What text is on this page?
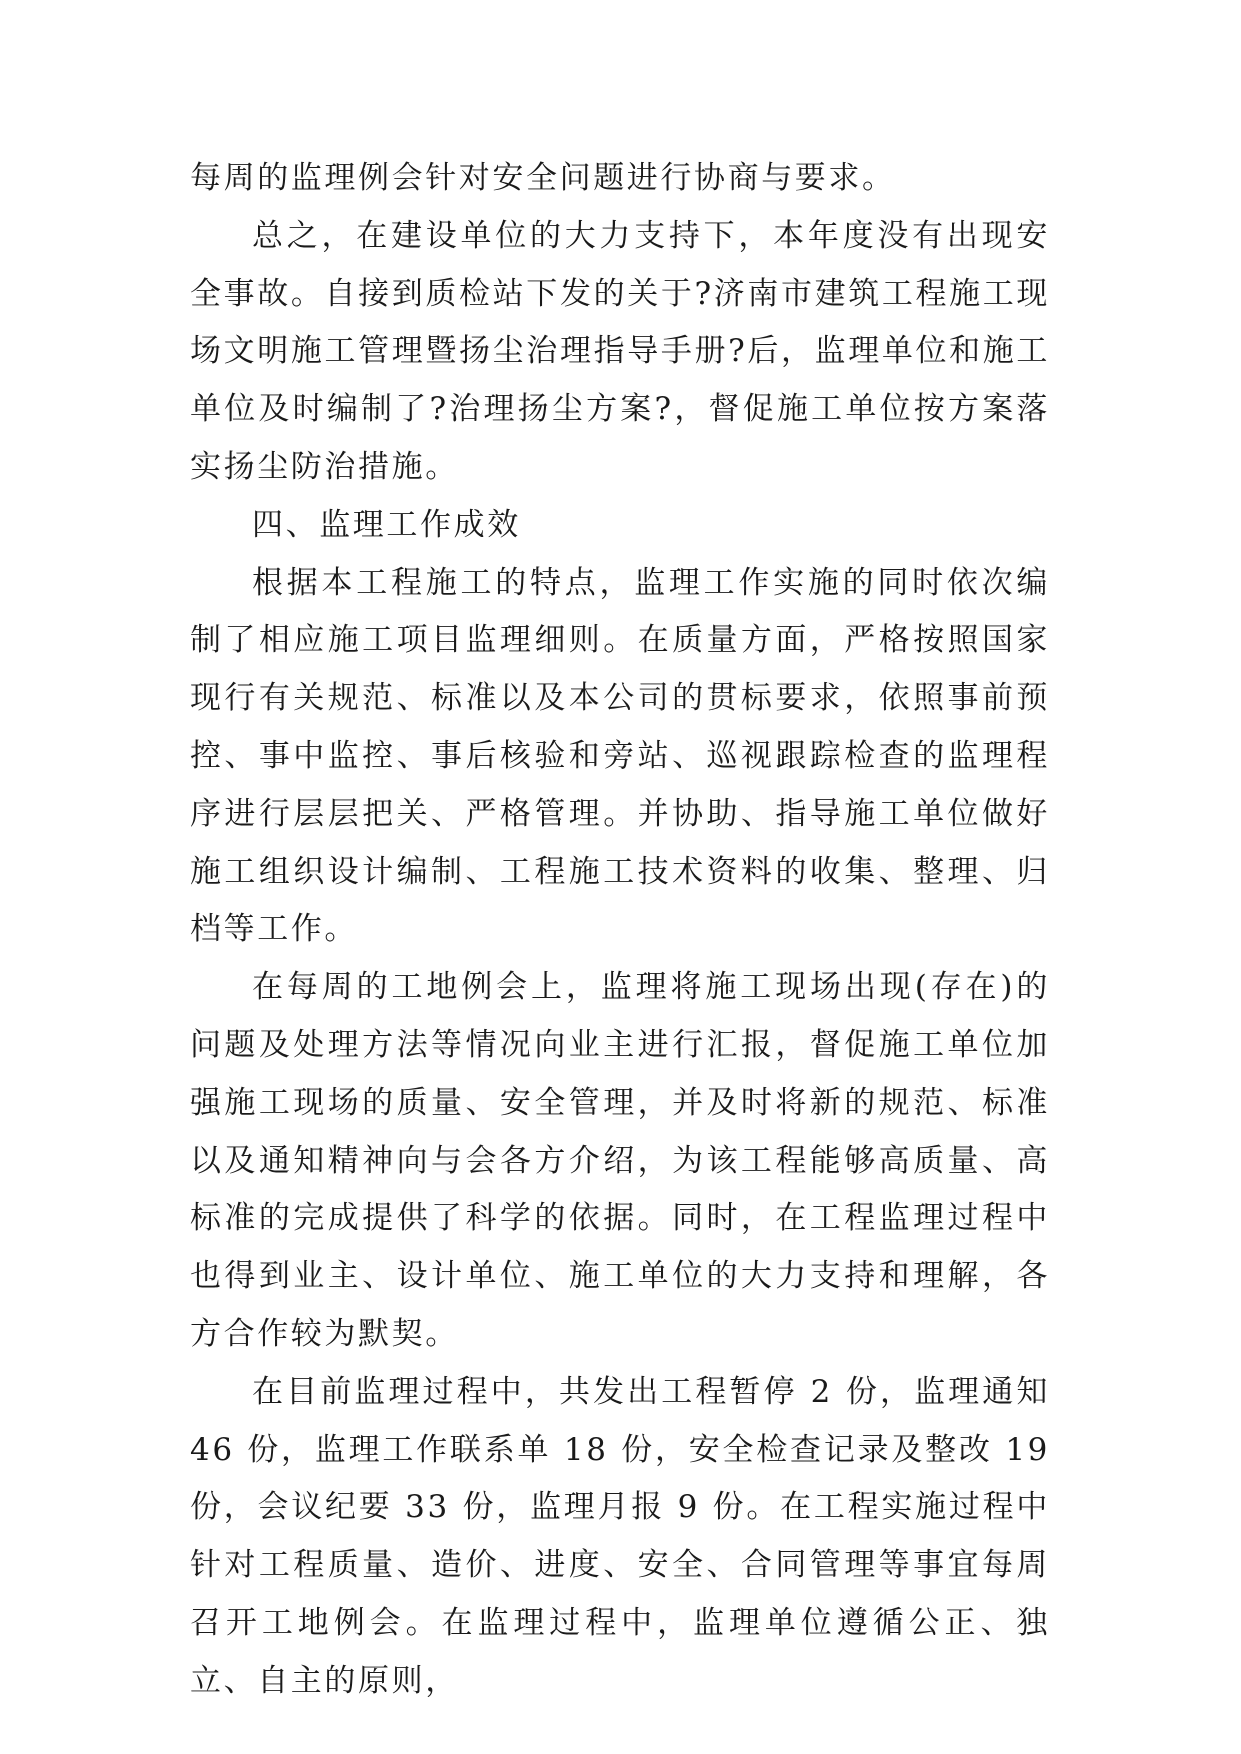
每周的监理例会针对安全问题进行协商与要求。

总之，在建设单位的大力支持下，本年度没有出现安全事故。自接到质检站下发的关于?济南市建筑工程施工现场文明施工管理暨扬尘治理指导手册?后，监理单位和施工单位及时编制了?治理扬尘方案?，督促施工单位按方案落实扬尘防治措施。

四、监理工作成效

根据本工程施工的特点，监理工作实施的同时依次编制了相应施工项目监理细则。在质量方面，严格按照国家现行有关规范、标准以及本公司的贯标要求，依照事前预控、事中监控、事后核验和旁站、巡视跟踪检查的监理程序进行层层把关、严格管理。并协助、指导施工单位做好施工组织设计编制、工程施工技术资料的收集、整理、归档等工作。

在每周的工地例会上，监理将施工现场出现(存在)的问题及处理方法等情况向业主进行汇报，督促施工单位加强施工现场的质量、安全管理，并及时将新的规范、标准以及通知精神向与会各方介绍，为该工程能够高质量、高标准的完成提供了科学的依据。同时，在工程监理过程中也得到业主、设计单位、施工单位的大力支持和理解，各方合作较为默契。

在目前监理过程中，共发出工程暂停 2 份，监理通知 46 份，监理工作联系单 18 份，安全检查记录及整改 19 份，会议纪要 33 份，监理月报 9 份。在工程实施过程中针对工程质量、造价、进度、安全、合同管理等事宜每周召开工地例会。在监理过程中，监理单位遵循公正、独立、自主的原则，
